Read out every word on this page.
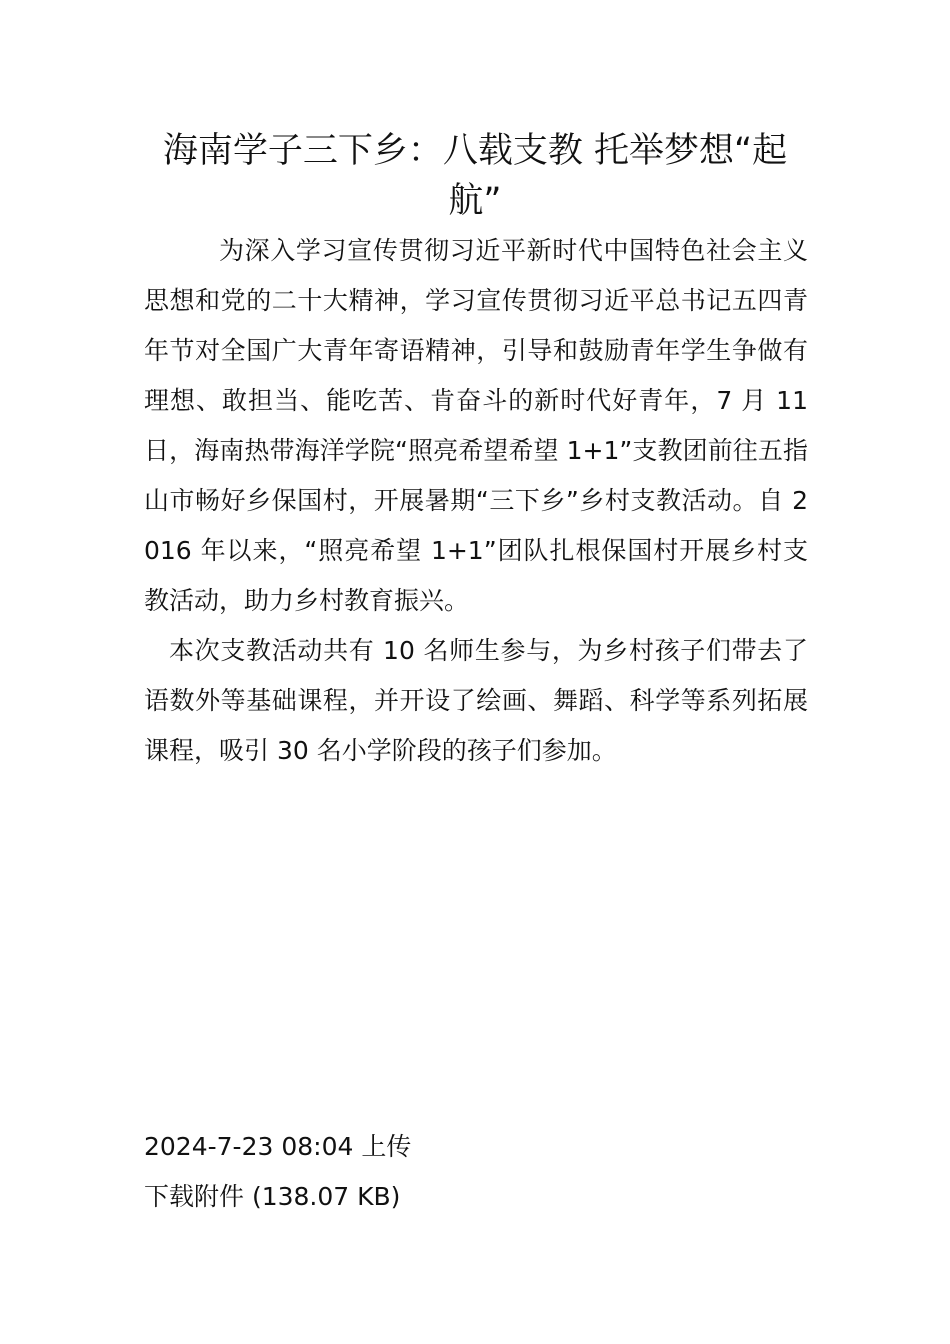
海南学子三下乡：八载支教 托举梦想“起航”

为深入学习宣传贯彻习近平新时代中国特色社会主义思想和党的二十大精神，学习宣传贯彻习近平总书记五四青年节对全国广大青年寄语精神，引导和鼓励青年学生争做有理想、敢担当、能吃苦、肯奋斗的新时代好青年，7 月 11 日，海南热带海洋学院“照亮希望希望 1+1”支教团前往五指山市畅好乡保国村，开展暑期“三下乡”乡村支教活动。自 2016 年以来，“照亮希望 1+1”团队扎根保国村开展乡村支教活动，助力乡村教育振兴。

本次支教活动共有 10 名师生参与，为乡村孩子们带去了语数外等基础课程，并开设了绘画、舞蹈、科学等系列拓展课程，吸引 30 名小学阶段的孩子们参加。

2024-7-23 08:04 上传
下载附件 (138.07 KB)
